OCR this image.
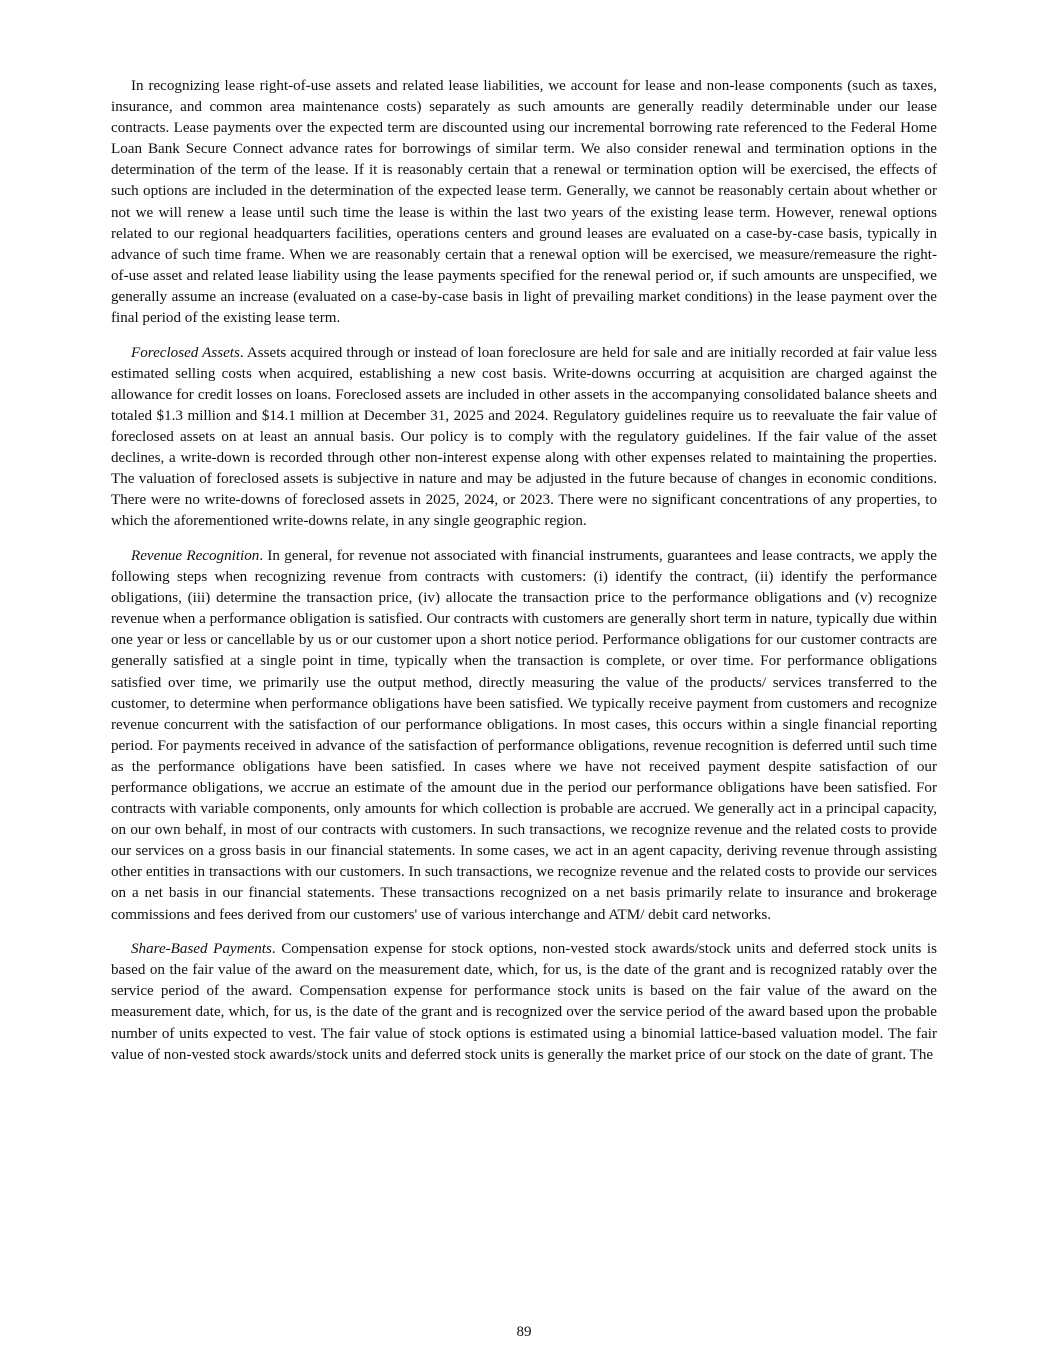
In recognizing lease right-of-use assets and related lease liabilities, we account for lease and non-lease components (such as taxes, insurance, and common area maintenance costs) separately as such amounts are generally readily determinable under our lease contracts. Lease payments over the expected term are discounted using our incremental borrowing rate referenced to the Federal Home Loan Bank Secure Connect advance rates for borrowings of similar term. We also consider renewal and termination options in the determination of the term of the lease. If it is reasonably certain that a renewal or termination option will be exercised, the effects of such options are included in the determination of the expected lease term. Generally, we cannot be reasonably certain about whether or not we will renew a lease until such time the lease is within the last two years of the existing lease term. However, renewal options related to our regional headquarters facilities, operations centers and ground leases are evaluated on a case-by-case basis, typically in advance of such time frame. When we are reasonably certain that a renewal option will be exercised, we measure/remeasure the right-of-use asset and related lease liability using the lease payments specified for the renewal period or, if such amounts are unspecified, we generally assume an increase (evaluated on a case-by-case basis in light of prevailing market conditions) in the lease payment over the final period of the existing lease term.

Foreclosed Assets. Assets acquired through or instead of loan foreclosure are held for sale and are initially recorded at fair value less estimated selling costs when acquired, establishing a new cost basis. Write-downs occurring at acquisition are charged against the allowance for credit losses on loans. Foreclosed assets are included in other assets in the accompanying consolidated balance sheets and totaled $1.3 million and $14.1 million at December 31, 2025 and 2024. Regulatory guidelines require us to reevaluate the fair value of foreclosed assets on at least an annual basis. Our policy is to comply with the regulatory guidelines. If the fair value of the asset declines, a write-down is recorded through other non-interest expense along with other expenses related to maintaining the properties. The valuation of foreclosed assets is subjective in nature and may be adjusted in the future because of changes in economic conditions. There were no write-downs of foreclosed assets in 2025, 2024, or 2023. There were no significant concentrations of any properties, to which the aforementioned write-downs relate, in any single geographic region.

Revenue Recognition. In general, for revenue not associated with financial instruments, guarantees and lease contracts, we apply the following steps when recognizing revenue from contracts with customers: (i) identify the contract, (ii) identify the performance obligations, (iii) determine the transaction price, (iv) allocate the transaction price to the performance obligations and (v) recognize revenue when a performance obligation is satisfied. Our contracts with customers are generally short term in nature, typically due within one year or less or cancellable by us or our customer upon a short notice period. Performance obligations for our customer contracts are generally satisfied at a single point in time, typically when the transaction is complete, or over time. For performance obligations satisfied over time, we primarily use the output method, directly measuring the value of the products/ services transferred to the customer, to determine when performance obligations have been satisfied. We typically receive payment from customers and recognize revenue concurrent with the satisfaction of our performance obligations. In most cases, this occurs within a single financial reporting period. For payments received in advance of the satisfaction of performance obligations, revenue recognition is deferred until such time as the performance obligations have been satisfied. In cases where we have not received payment despite satisfaction of our performance obligations, we accrue an estimate of the amount due in the period our performance obligations have been satisfied. For contracts with variable components, only amounts for which collection is probable are accrued. We generally act in a principal capacity, on our own behalf, in most of our contracts with customers. In such transactions, we recognize revenue and the related costs to provide our services on a gross basis in our financial statements. In some cases, we act in an agent capacity, deriving revenue through assisting other entities in transactions with our customers. In such transactions, we recognize revenue and the related costs to provide our services on a net basis in our financial statements. These transactions recognized on a net basis primarily relate to insurance and brokerage commissions and fees derived from our customers' use of various interchange and ATM/ debit card networks.

Share-Based Payments. Compensation expense for stock options, non-vested stock awards/stock units and deferred stock units is based on the fair value of the award on the measurement date, which, for us, is the date of the grant and is recognized ratably over the service period of the award. Compensation expense for performance stock units is based on the fair value of the award on the measurement date, which, for us, is the date of the grant and is recognized over the service period of the award based upon the probable number of units expected to vest. The fair value of stock options is estimated using a binomial lattice-based valuation model. The fair value of non-vested stock awards/stock units and deferred stock units is generally the market price of our stock on the date of grant. The

89
